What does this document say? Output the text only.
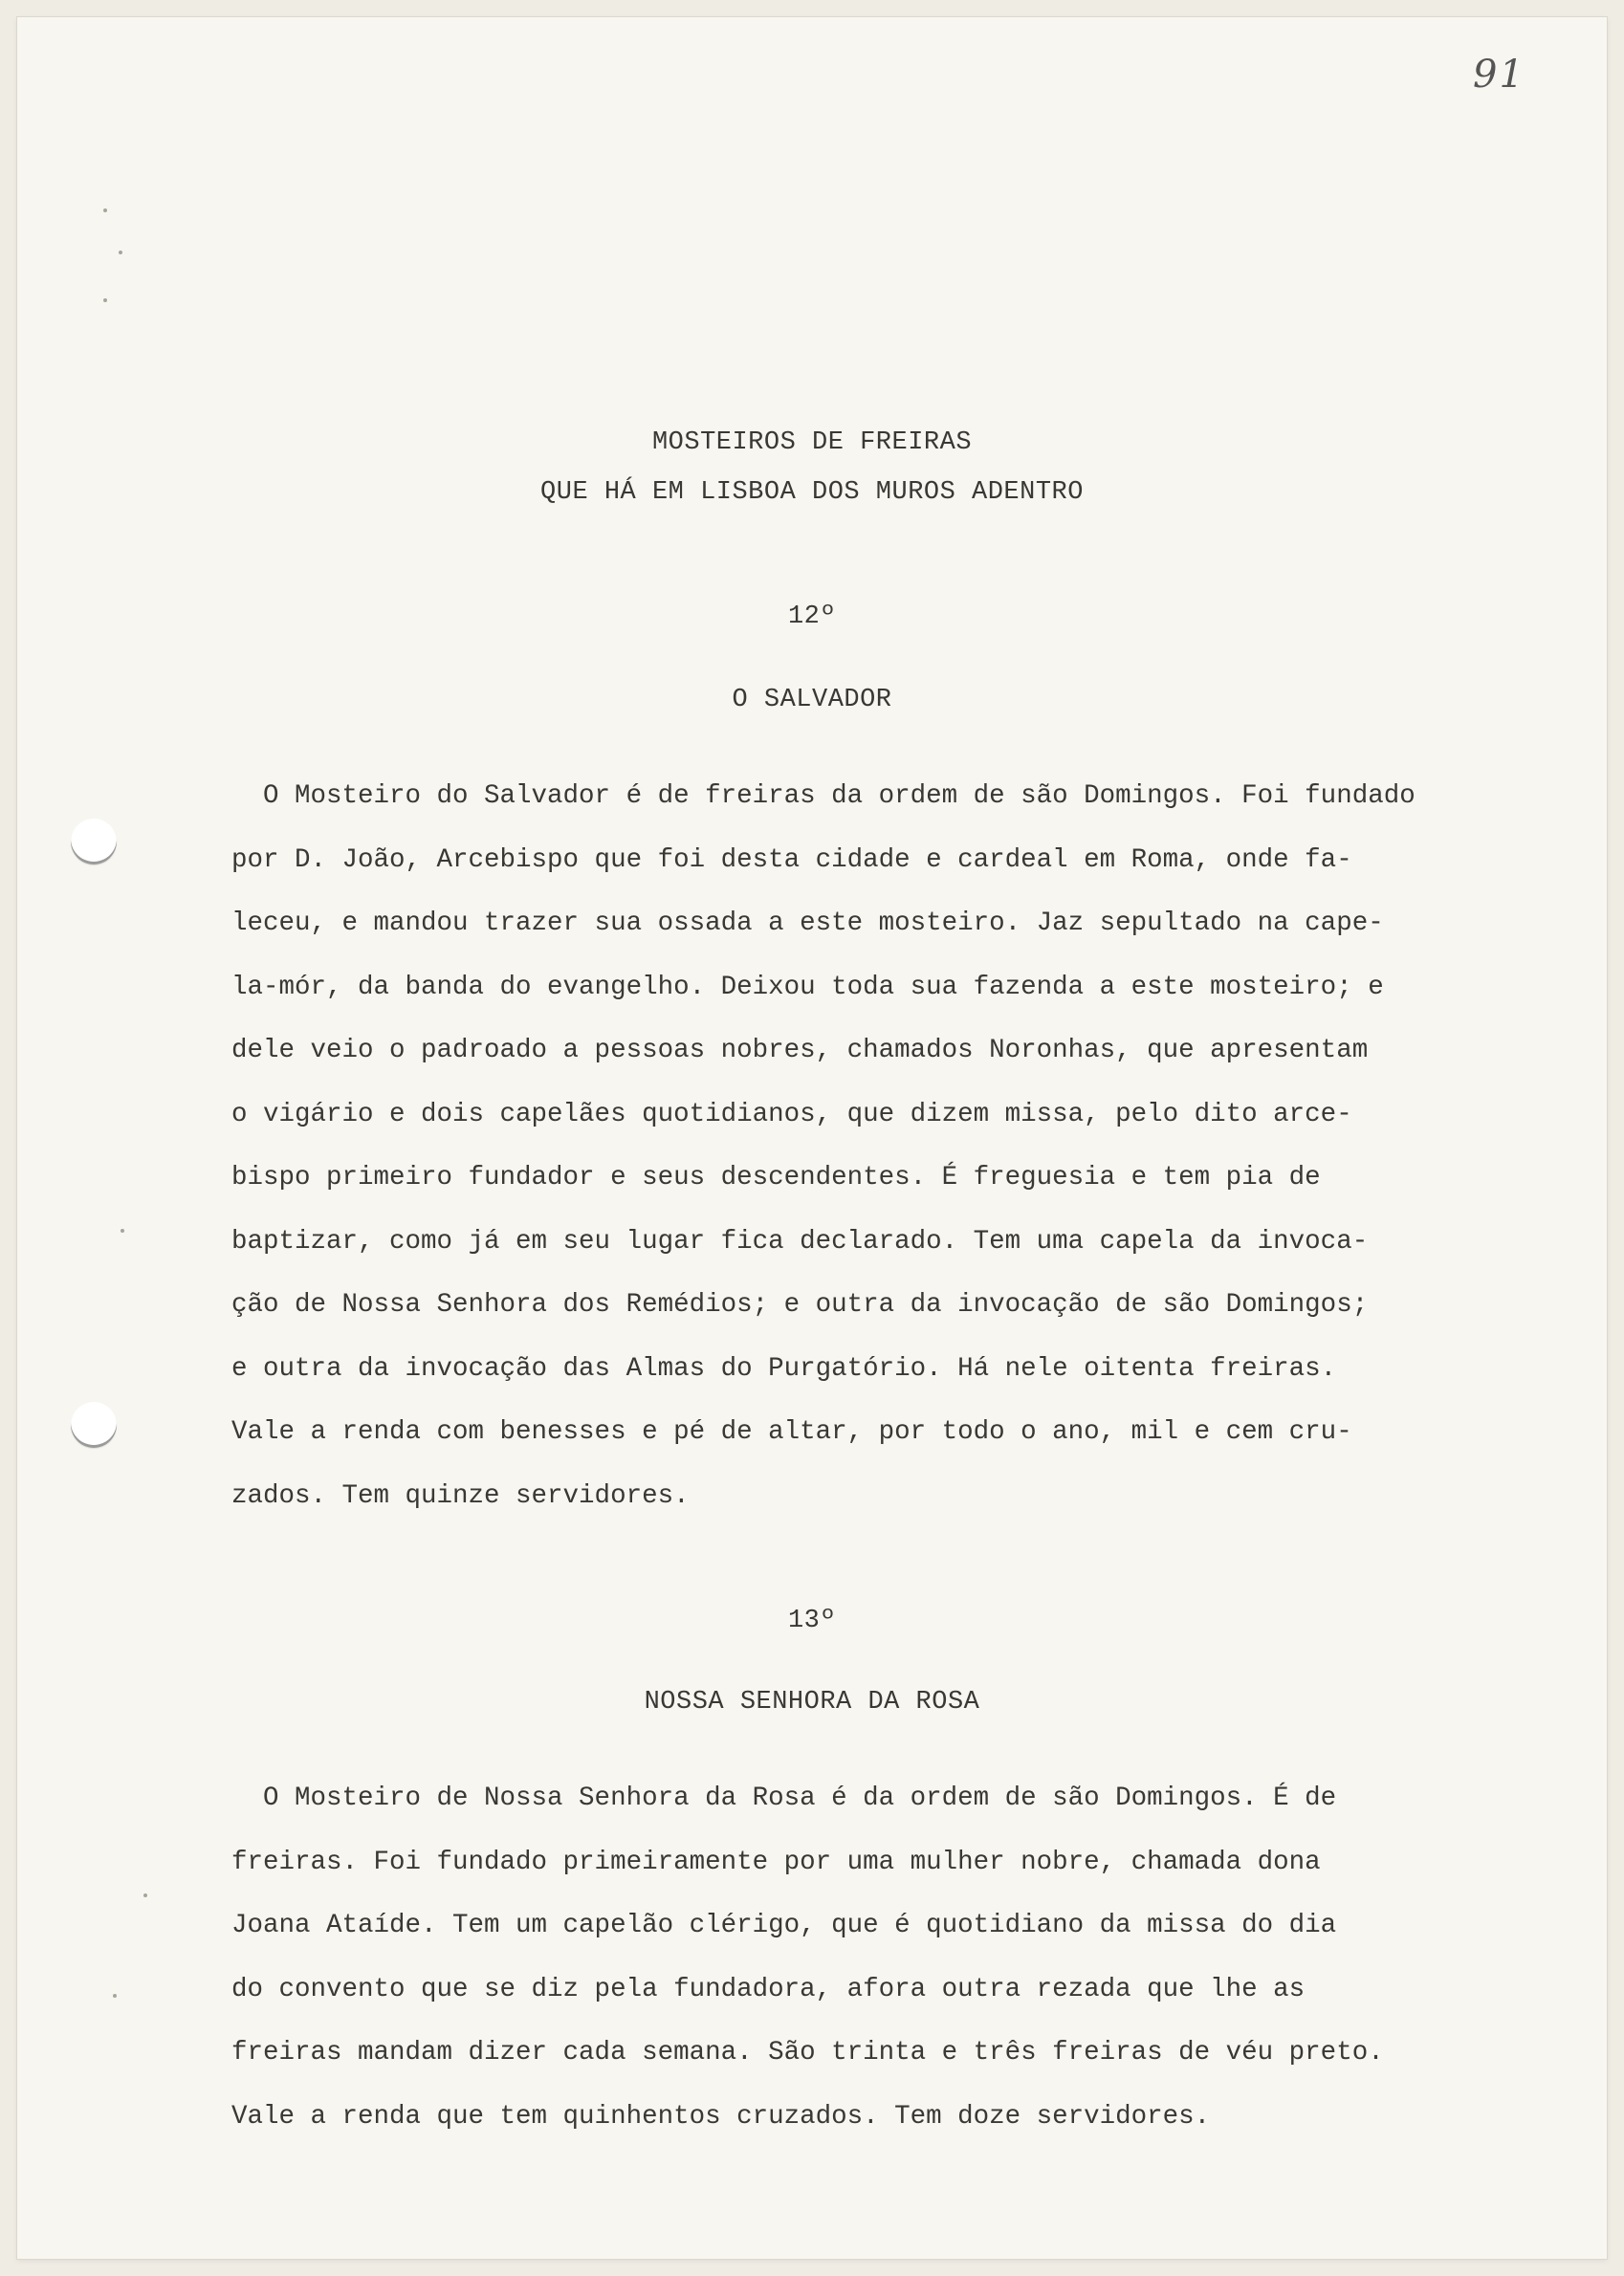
91
MOSTEIROS DE FREIRAS
QUE HÁ EM LISBOA DOS MUROS ADENTRO
12º
O SALVADOR
O Mosteiro do Salvador é de freiras da ordem de são Domingos. Foi fundado
por D. João, Arcebispo que foi desta cidade e cardeal em Roma, onde fa-
leceu, e mandou trazer sua ossada a este mosteiro. Jaz sepultado na cape-
la-mór, da banda do evangelho. Deixou toda sua fazenda a este mosteiro; e
dele veio o padroado a pessoas nobres, chamados Noronhas, que apresentam
o vigário e dois capelães quotidianos, que dizem missa, pelo dito arce-
bispo primeiro fundador e seus descendentes. É freguesia e tem pia de
baptizar, como já em seu lugar fica declarado. Tem uma capela da invoca-
ção de Nossa Senhora dos Remédios; e outra da invocação de são Domingos;
e outra da invocação das Almas do Purgatório. Há nele oitenta freiras.
Vale a renda com benesses e pé de altar, por todo o ano, mil e cem cru-
zados. Tem quinze servidores.
13º
NOSSA SENHORA DA ROSA
O Mosteiro de Nossa Senhora da Rosa é da ordem de são Domingos. É de
freiras. Foi fundado primeiramente por uma mulher nobre, chamada dona
Joana Ataíde. Tem um capelão clérigo, que é quotidiano da missa do dia
do convento que se diz pela fundadora, afora outra rezada que lhe as
freiras mandam dizer cada semana. São trinta e três freiras de véu preto.
Vale a renda que tem quinhentos cruzados. Tem doze servidores.
